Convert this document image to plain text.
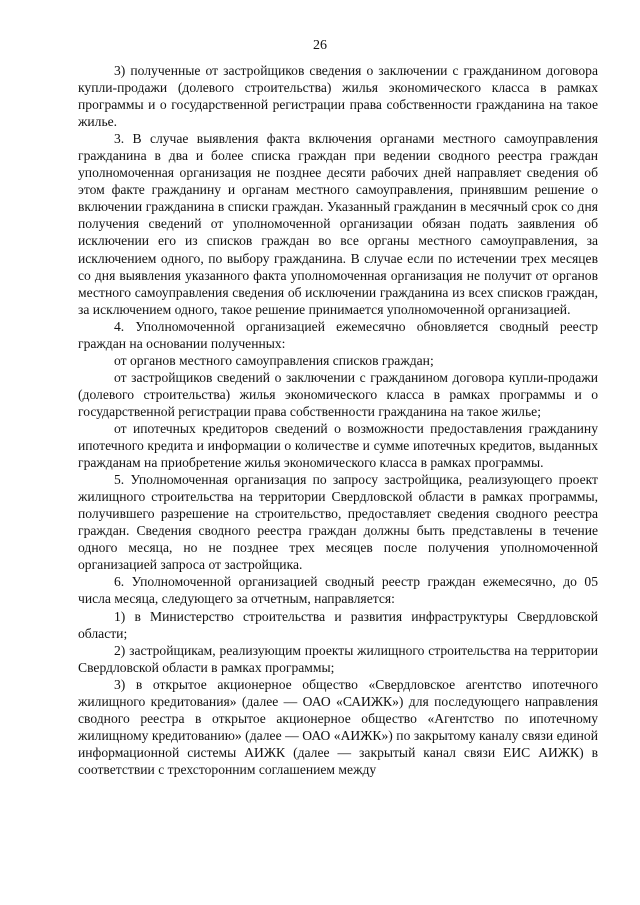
26

3) полученные от застройщиков сведения о заключении с гражданином договора купли-продажи (долевого строительства) жилья экономического класса в рамках программы и о государственной регистрации права собственности гражданина на такое жилье.

3. В случае выявления факта включения органами местного самоуправления гражданина в два и более списка граждан при ведении сводного реестра граждан уполномоченная организация не позднее десяти рабочих дней направляет сведения об этом факте гражданину и органам местного самоуправления, принявшим решение о включении гражданина в списки граждан. Указанный гражданин в месячный срок со дня получения сведений от уполномоченной организации обязан подать заявления об исключении его из списков граждан во все органы местного самоуправления, за исключением одного, по выбору гражданина. В случае если по истечении трех месяцев со дня выявления указанного факта уполномоченная организация не получит от органов местного самоуправления сведения об исключении гражданина из всех списков граждан, за исключением одного, такое решение принимается уполномоченной организацией.

4. Уполномоченной организацией ежемесячно обновляется сводный реестр граждан на основании полученных:

от органов местного самоуправления списков граждан;

от застройщиков сведений о заключении с гражданином договора купли-продажи (долевого строительства) жилья экономического класса в рамках программы и о государственной регистрации права собственности гражданина на такое жилье;

от ипотечных кредиторов сведений о возможности предоставления гражданину ипотечного кредита и информации о количестве и сумме ипотечных кредитов, выданных гражданам на приобретение жилья экономического класса в рамках программы.

5. Уполномоченная организация по запросу застройщика, реализующего проект жилищного строительства на территории Свердловской области в рамках программы, получившего разрешение на строительство, предоставляет сведения сводного реестра граждан. Сведения сводного реестра граждан должны быть представлены в течение одного месяца, но не позднее трех месяцев после получения уполномоченной организацией запроса от застройщика.

6. Уполномоченной организацией сводный реестр граждан ежемесячно, до 05 числа месяца, следующего за отчетным, направляется:

1) в Министерство строительства и развития инфраструктуры Свердловской области;

2) застройщикам, реализующим проекты жилищного строительства на территории Свердловской области в рамках программы;

3) в открытое акционерное общество «Свердловское агентство ипотечного жилищного кредитования» (далее — ОАО «САИЖК») для последующего направления сводного реестра в открытое акционерное общество «Агентство по ипотечному жилищному кредитованию» (далее — ОАО «АИЖК») по закрытому каналу связи единой информационной системы АИЖК (далее — закрытый канал связи ЕИС АИЖК) в соответствии с трехсторонним соглашением между
